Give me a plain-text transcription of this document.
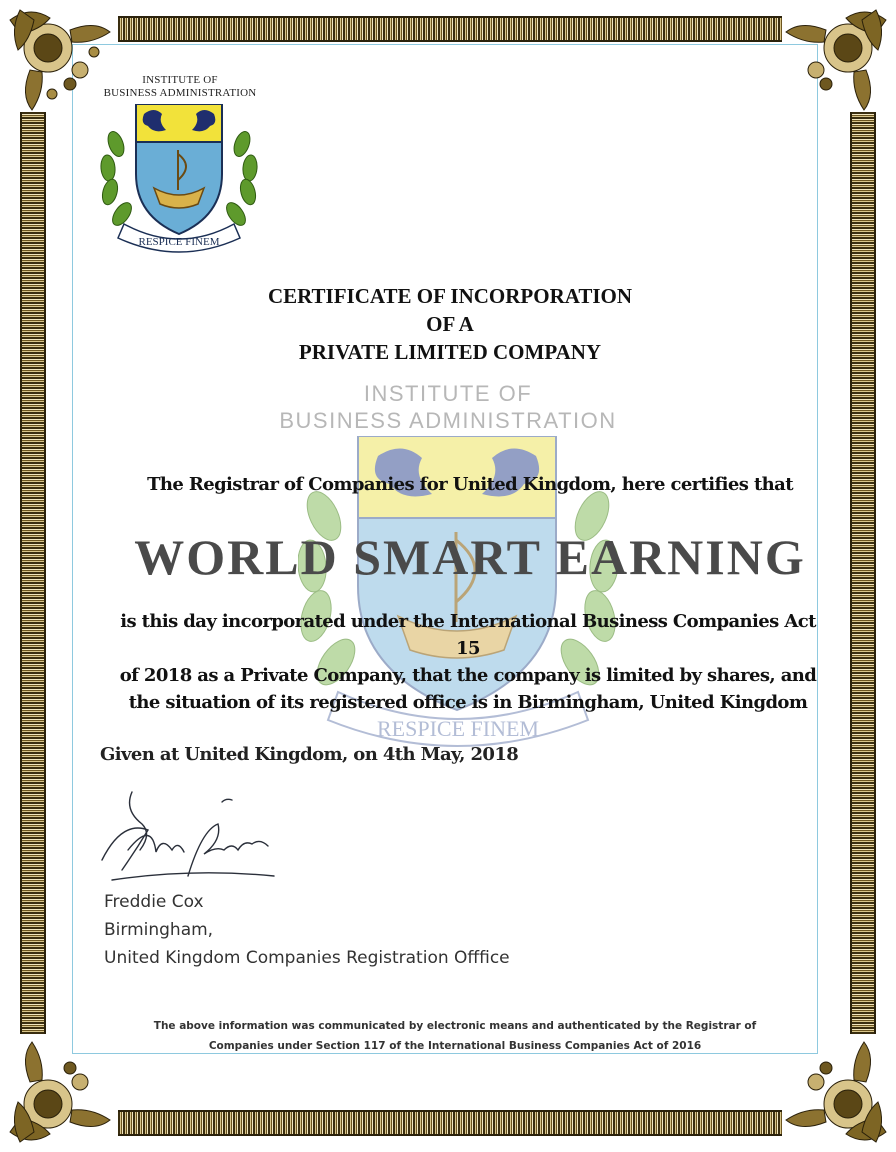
INSTITUTE OF
BUSINESS ADMINISTRATION
RESPICE FINEM
CERTIFICATE OF INCORPORATION
OF A
PRIVATE LIMITED COMPANY
INSTITUTE OF
BUSINESS ADMINISTRATION
RESPICE FINEM
The Registrar of Companies for United Kingdom, here certifies that
WORLD SMART EARNING
is this day incorporated under the International Business Companies Act 15
of 2018 as a Private Company, that the company is limited by shares, and
the situation of its registered office is in Birmingham, United Kingdom
Given at United Kingdom, on 4th May, 2018
Freddie Cox
Birmingham,
United Kingdom Companies Registration Offfice
The above information was communicated by electronic means and authenticated by the Registrar of
Companies under Section 117 of the International Business Companies Act of 2016
